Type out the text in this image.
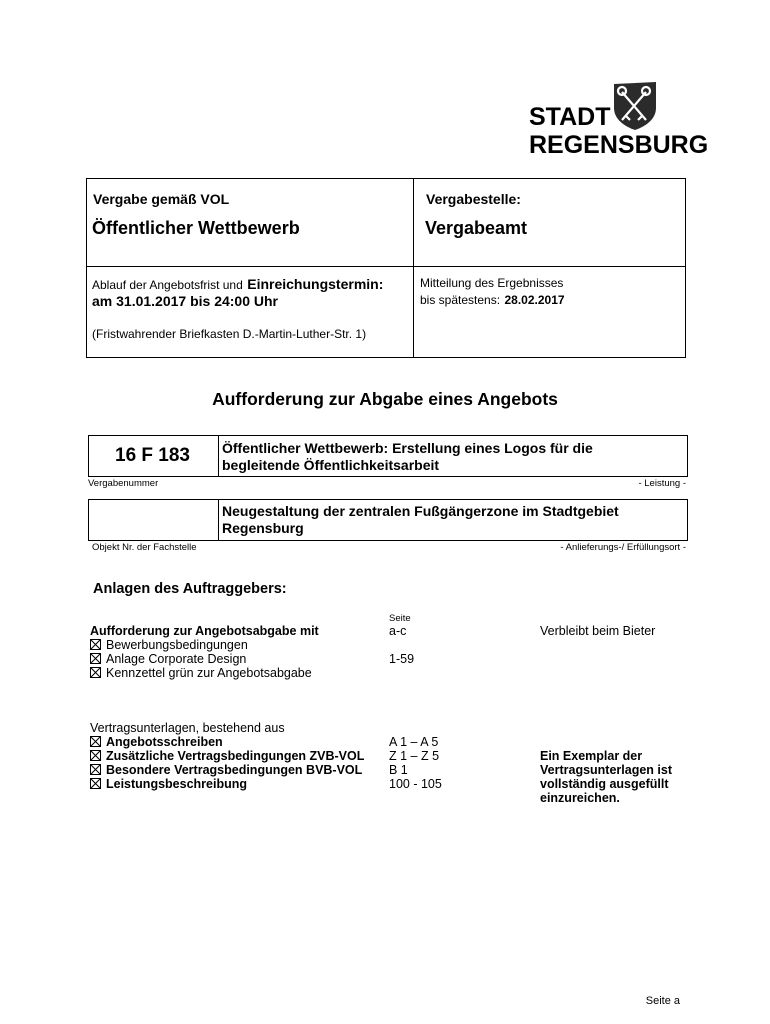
STADT
REGENSBURG
Vergabe gemäß VOL
Öffentlicher Wettbewerb
Vergabestelle:
Vergabeamt
Ablauf der Angebotsfrist und Einreichungstermin:
am 31.01.2017 bis 24:00 Uhr
(Fristwahrender Briefkasten D.-Martin-Luther-Str. 1)
Mitteilung des Ergebnisses
bis spätestens: 28.02.2017
Aufforderung zur Abgabe eines Angebots
16 F 183	Öffentlicher Wettbewerb: Erstellung eines Logos für die
begleitende Öffentlichkeitsarbeit
Vergabenummer	- Leistung -
Neugestaltung der zentralen Fußgängerzone im Stadtgebiet
Regensburg
Objekt Nr. der Fachstelle	- Anlieferungs-/ Erfüllungsort -
Anlagen des Auftraggebers:
Seite
Aufforderung zur Angebotsabgabe mit	a-c	Verbleibt beim Bieter
Bewerbungsbedingungen
Anlage Corporate Design	1-59
Kennzettel grün zur Angebotsabgabe
Vertragsunterlagen, bestehend aus
Angebotsschreiben	A 1 – A 5
Zusätzliche Vertragsbedingungen ZVB-VOL Z 1 – Z 5
Besondere Vertragsbedingungen BVB-VOL B 1
Leistungsbeschreibung	100 - 105
Ein Exemplar der
Vertragsunterlagen ist
vollständig ausgefüllt
einzureichen.
Seite a
